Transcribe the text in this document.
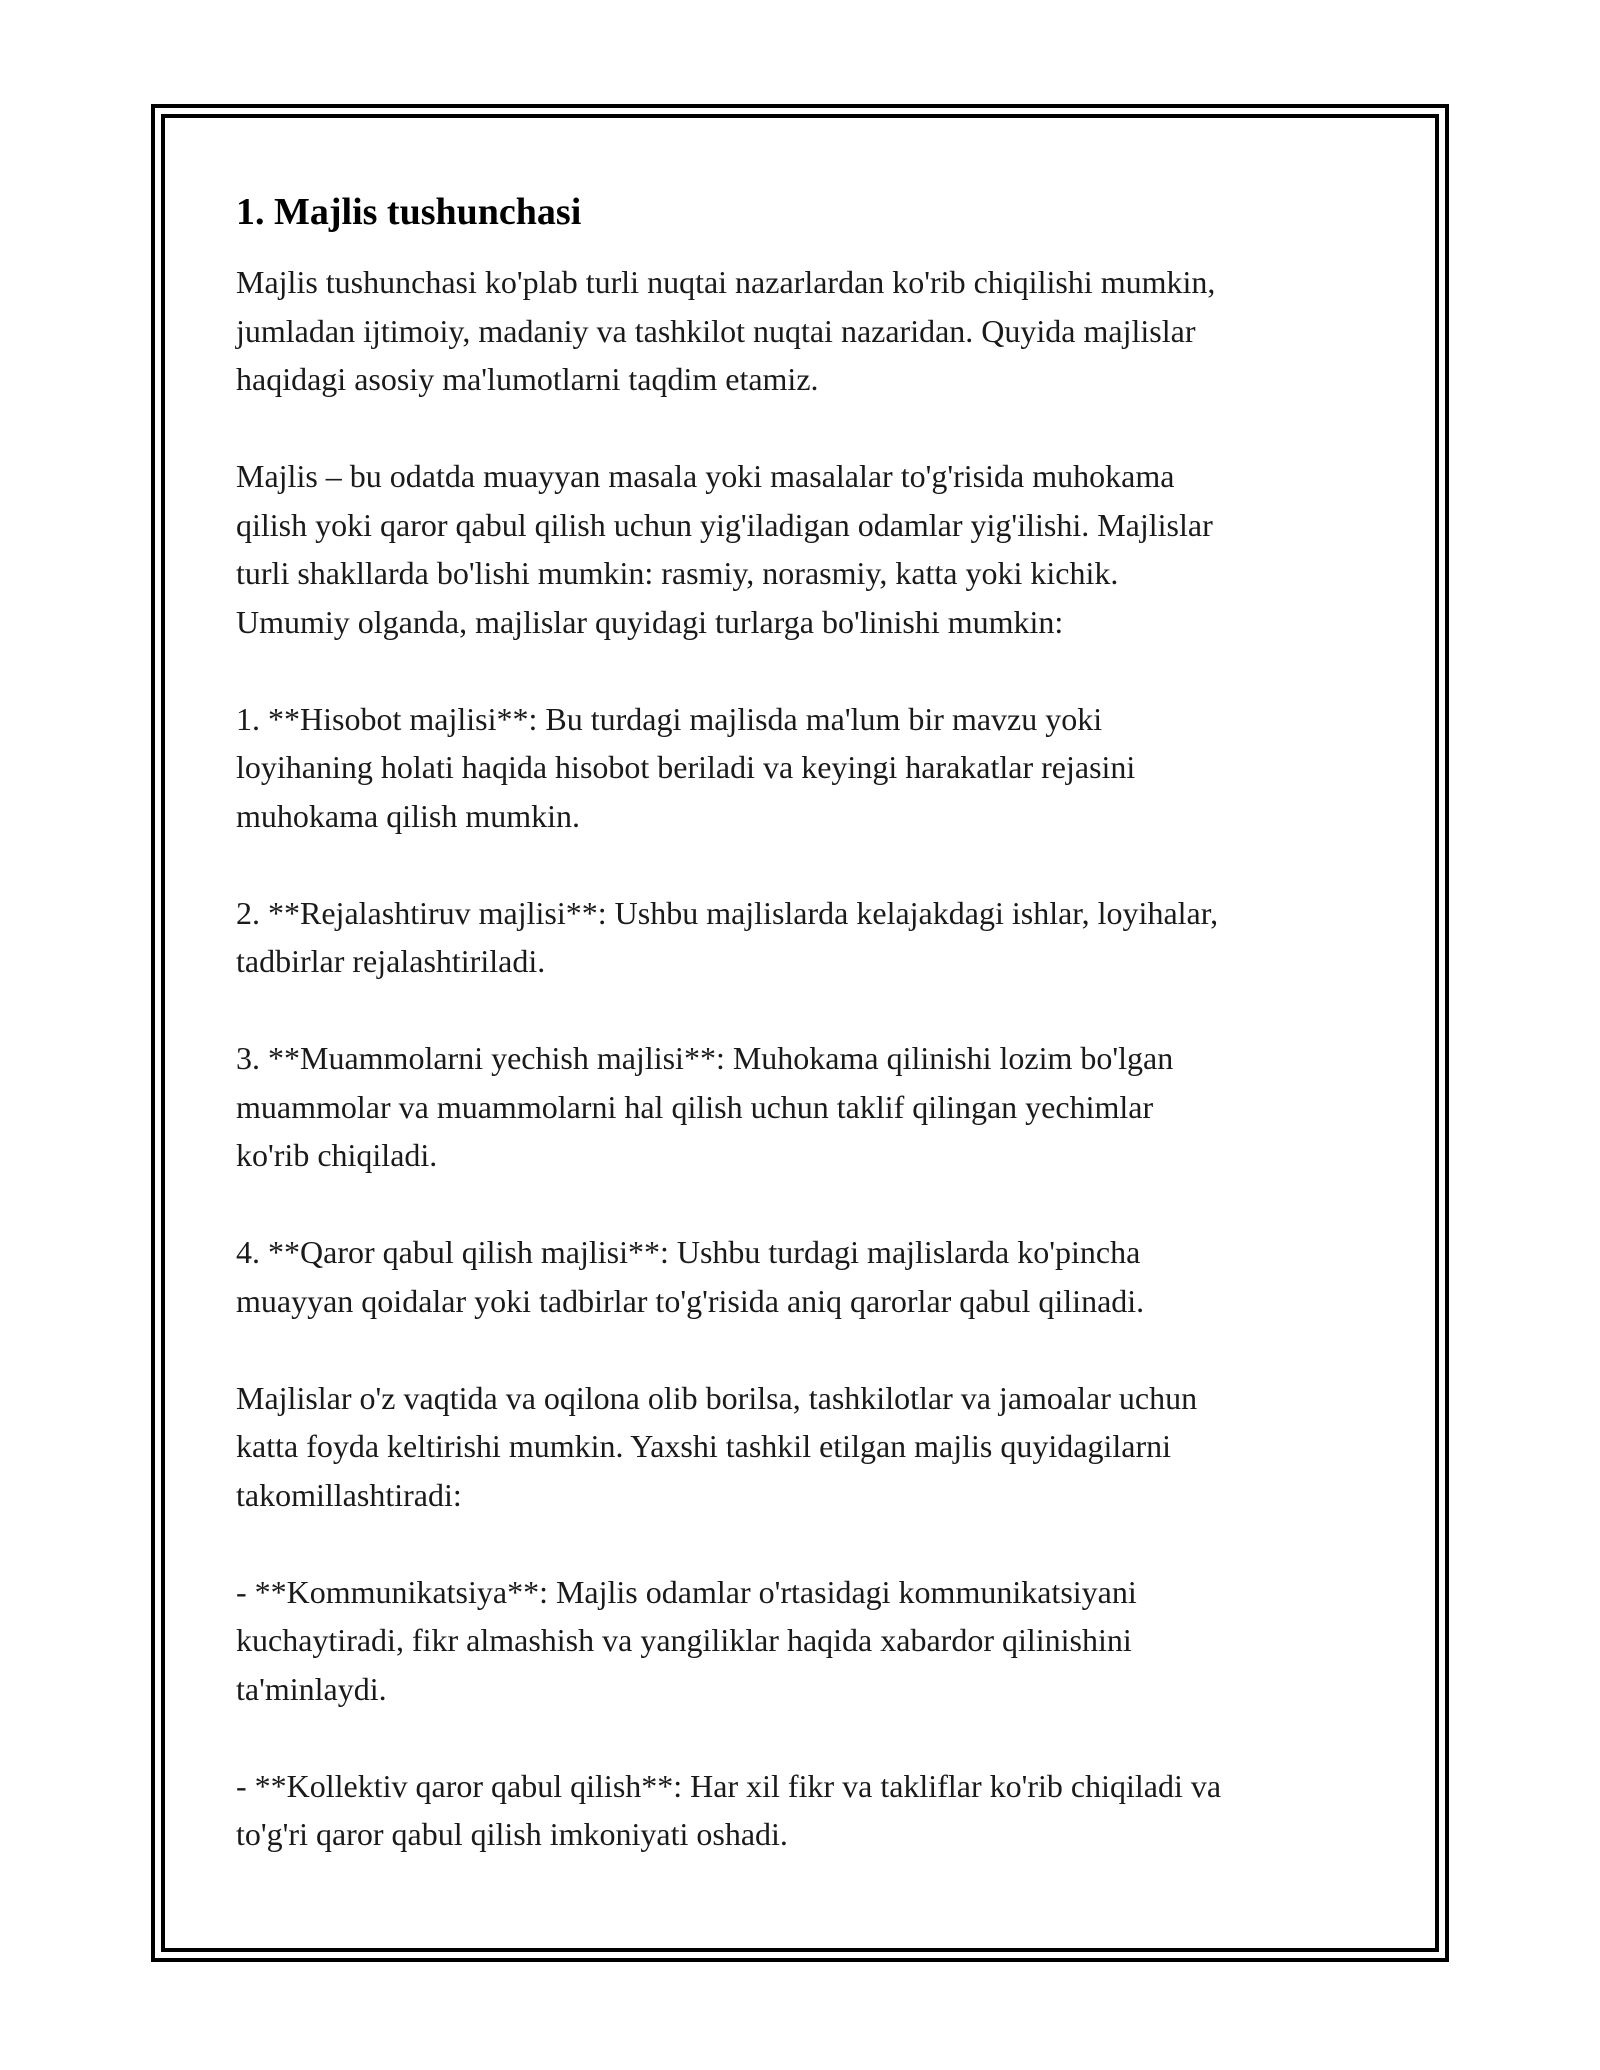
1. Majlis tushunchasi

Majlis tushunchasi ko'plab turli nuqtai nazarlardan ko'rib chiqilishi mumkin,
jumladan ijtimoiy, madaniy va tashkilot nuqtai nazaridan. Quyida majlislar
haqidagi asosiy ma'lumotlarni taqdim etamiz.

Majlis – bu odatda muayyan masala yoki masalalar to'g'risida muhokama
qilish yoki qaror qabul qilish uchun yig'iladigan odamlar yig'ilishi. Majlislar
turli shakllarda bo'lishi mumkin: rasmiy, norasmiy, katta yoki kichik.
Umumiy olganda, majlislar quyidagi turlarga bo'linishi mumkin:

1. **Hisobot majlisi**: Bu turdagi majlisda ma'lum bir mavzu yoki
loyihaning holati haqida hisobot beriladi va keyingi harakatlar rejasini
muhokama qilish mumkin.

2. **Rejalashtiruv majlisi**: Ushbu majlislarda kelajakdagi ishlar, loyihalar,
tadbirlar rejalashtiriladi.

3. **Muammolarni yechish majlisi**: Muhokama qilinishi lozim bo'lgan
muammolar va muammolarni hal qilish uchun taklif qilingan yechimlar
ko'rib chiqiladi.

4. **Qaror qabul qilish majlisi**: Ushbu turdagi majlislarda ko'pincha
muayyan qoidalar yoki tadbirlar to'g'risida aniq qarorlar qabul qilinadi.

Majlislar o'z vaqtida va oqilona olib borilsa, tashkilotlar va jamoalar uchun
katta foyda keltirishi mumkin. Yaxshi tashkil etilgan majlis quyidagilarni
takomillashtiradi:

- **Kommunikatsiya**: Majlis odamlar o'rtasidagi kommunikatsiyani
kuchaytiradi, fikr almashish va yangiliklar haqida xabardor qilinishini
ta'minlaydi.

- **Kollektiv qaror qabul qilish**: Har xil fikr va takliflar ko'rib chiqiladi va
to'g'ri qaror qabul qilish imkoniyati oshadi.
